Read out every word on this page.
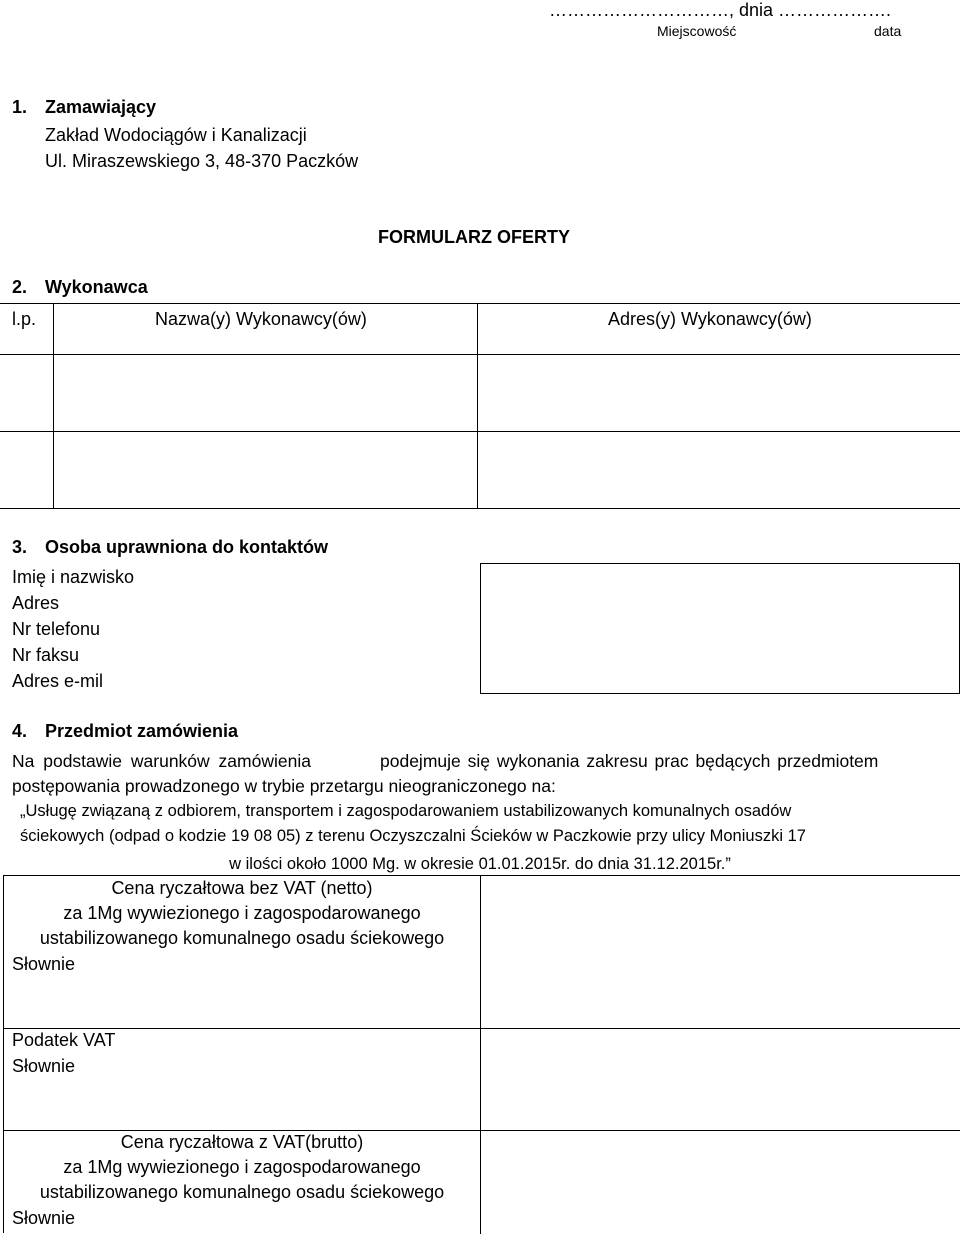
…………………………, dnia ……………….
Miejscowość	data
1. Zamawiający
Zakład Wodociągów i Kanalizacji
Ul. Miraszewskiego 3, 48-370 Paczków
FORMULARZ OFERTY
2. Wykonawca
l.p.	Nazwa(y) Wykonawcy(ów)	Adres(y) Wykonawcy(ów)
3. Osoba uprawniona do kontaktów
Imię i nazwisko
Adres
Nr telefonu
Nr faksu
Adres e-mil
4. Przedmiot zamówienia
Na podstawie warunków zamówienia	podejmuje się wykonania zakresu prac będących przedmiotem
postępowania prowadzonego w trybie przetargu nieograniczonego na:
„Usługę związaną z odbiorem, transportem i zagospodarowaniem ustabilizowanych komunalnych osadów
ściekowych (odpad o kodzie 19 08 05) z terenu Oczyszczalni Ścieków w Paczkowie przy ulicy Moniuszki 17
w ilości około 1000 Mg. w okresie 01.01.2015r. do dnia 31.12.2015r.”
Cena ryczałtowa bez VAT (netto)
za 1Mg wywiezionego i zagospodarowanego
ustabilizowanego komunalnego osadu ściekowego
Słownie
Podatek VAT
Słownie
Cena ryczałtowa z VAT(brutto)
za 1Mg wywiezionego i zagospodarowanego
ustabilizowanego komunalnego osadu ściekowego
Słownie
